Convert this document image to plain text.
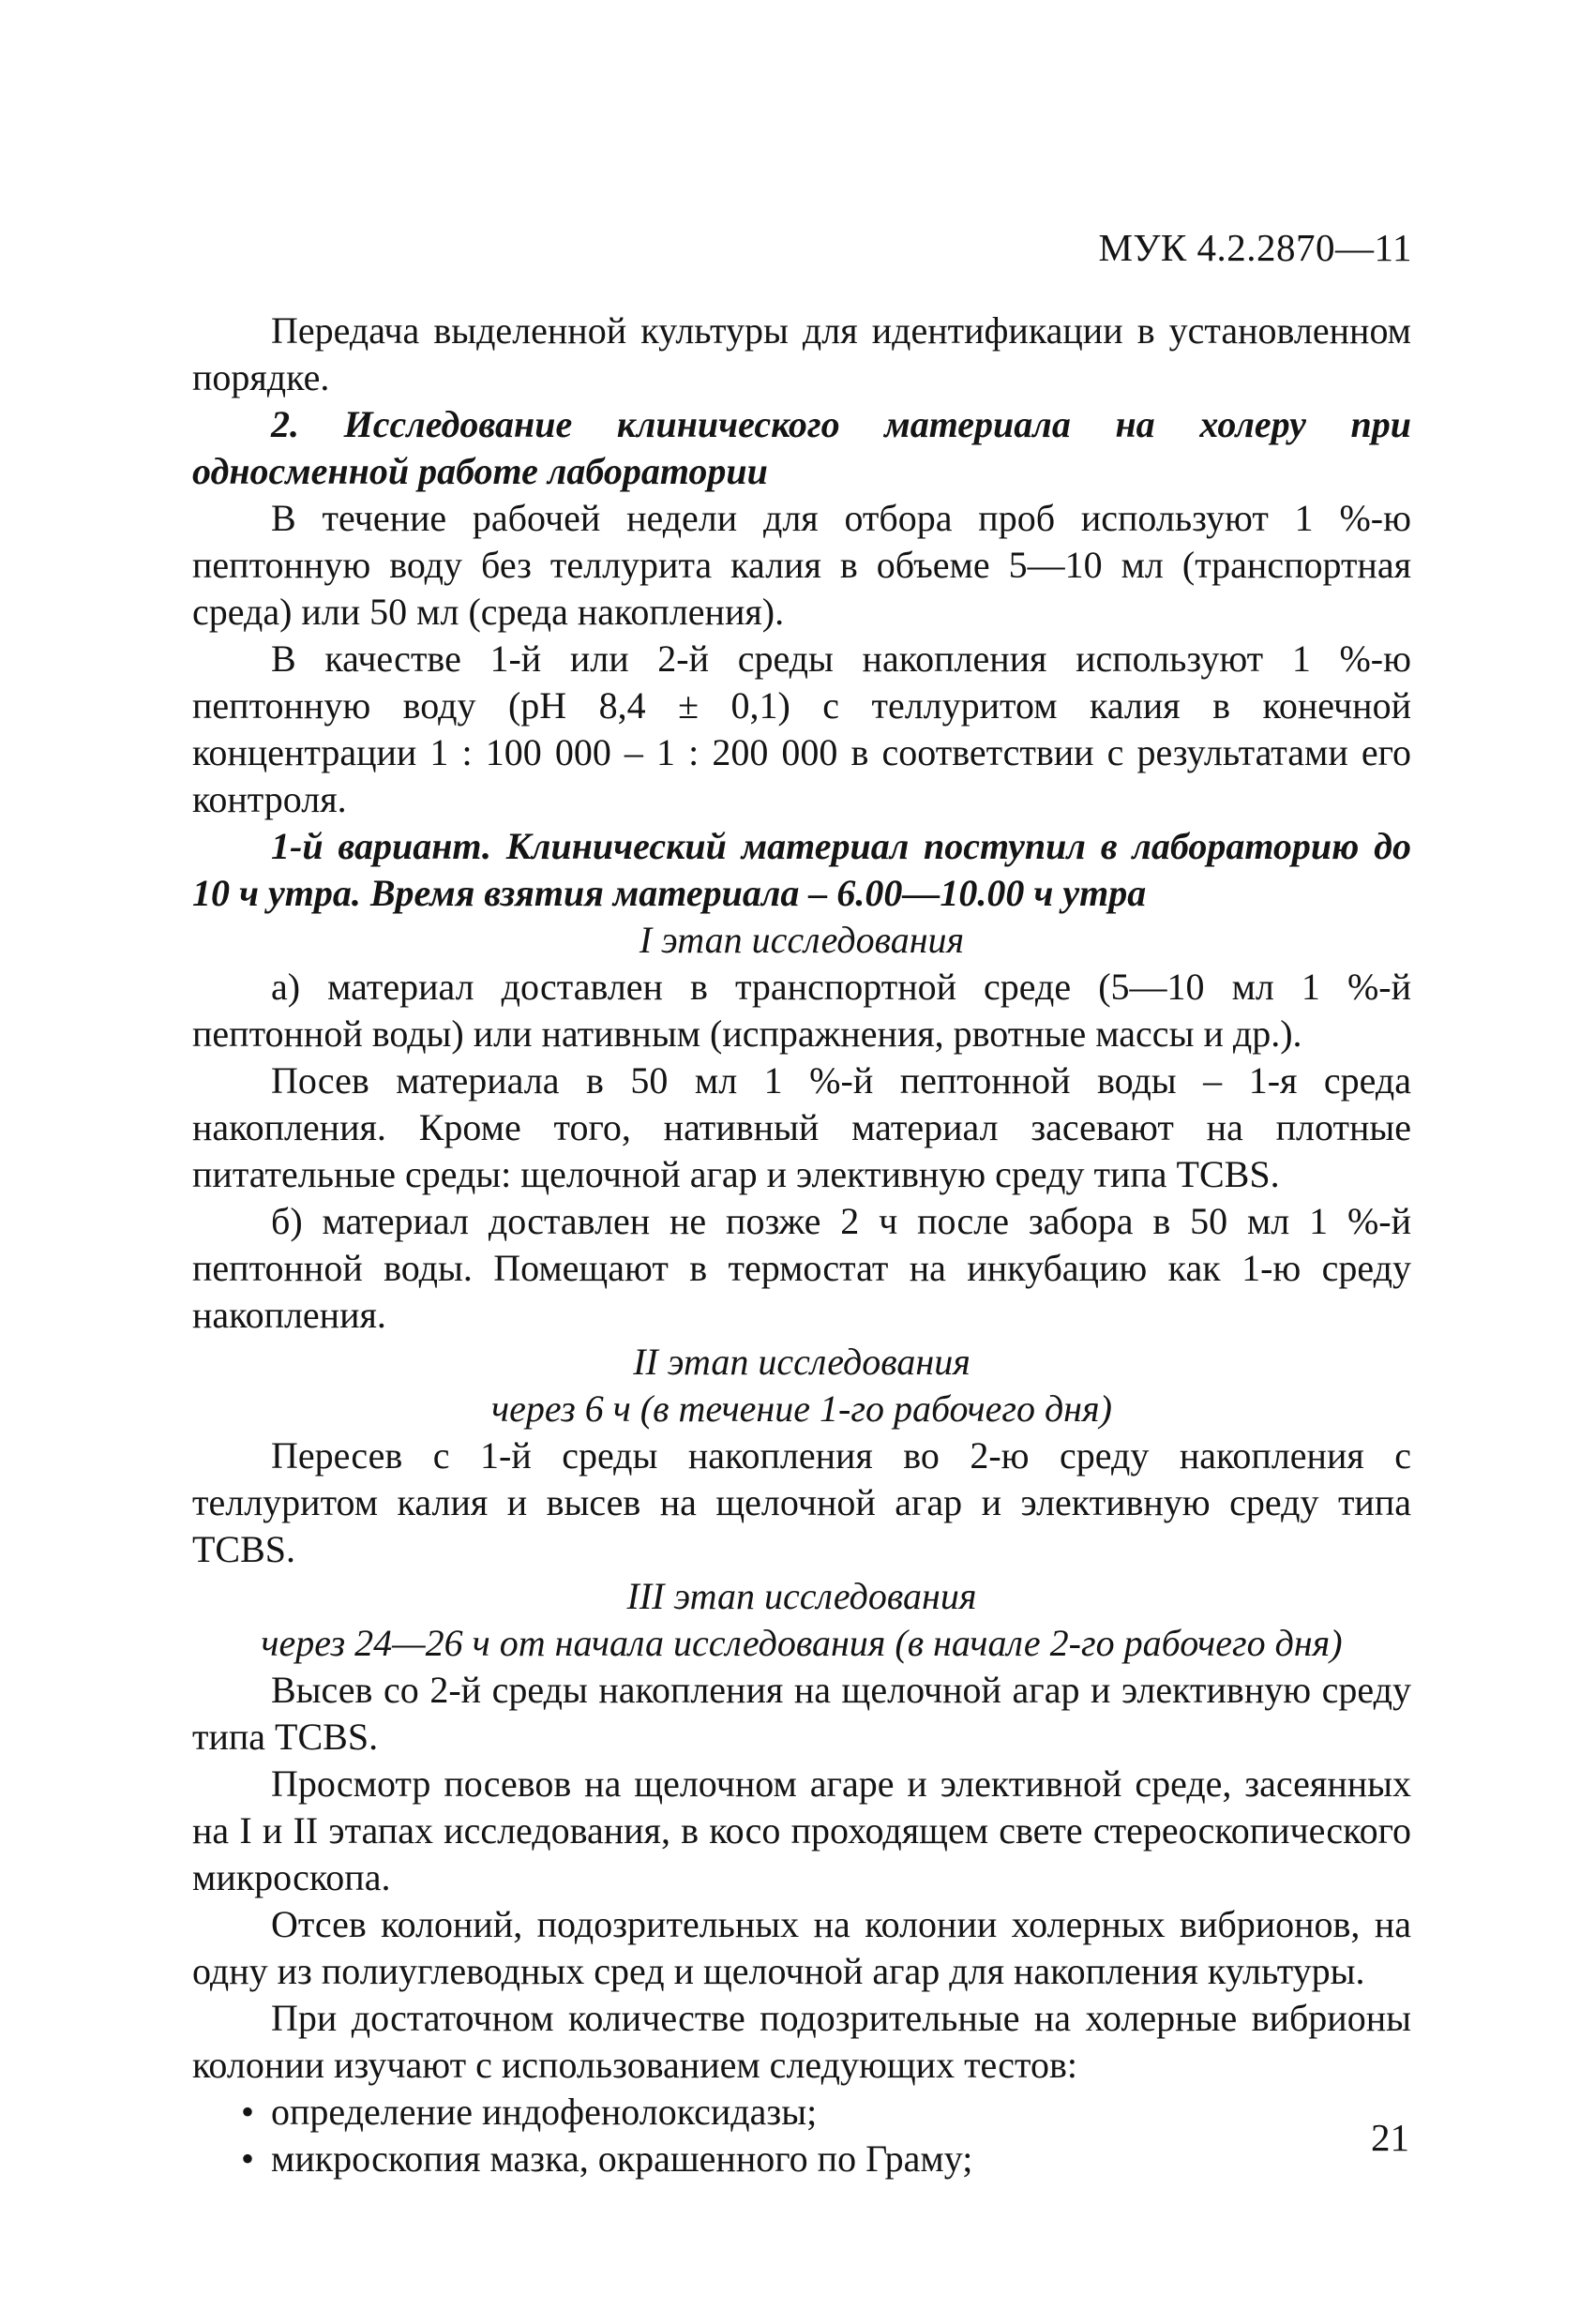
МУК 4.2.2870—11

Передача выделенной культуры для идентификации в установленном порядке.

2. Исследование клинического материала на холеру при односменной работе лаборатории

В течение рабочей недели для отбора проб используют 1 %-ю пептонную воду без теллурита калия в объеме 5—10 мл (транспортная среда) или 50 мл (среда накопления).

В качестве 1-й или 2-й среды накопления используют 1 %-ю пептонную воду (рН 8,4 ± 0,1) с теллуритом калия в конечной концентрации 1 : 100 000 – 1 : 200 000 в соответствии с результатами его контроля.

1-й вариант. Клинический материал поступил в лабораторию до 10 ч утра. Время взятия материала – 6.00—10.00 ч утра

I этап исследования

а) материал доставлен в транспортной среде (5—10 мл 1 %-й пептонной воды) или нативным (испражнения, рвотные массы и др.).

Посев материала в 50 мл 1 %-й пептонной воды – 1-я среда накопления. Кроме того, нативный материал засевают на плотные питательные среды: щелочной агар и элективную среду типа TCBS.

б) материал доставлен не позже 2 ч после забора в 50 мл 1 %-й пептонной воды. Помещают в термостат на инкубацию как 1-ю среду накопления.

II этап исследования

через 6 ч (в течение 1-го рабочего дня)

Пересев с 1-й среды накопления во 2-ю среду накопления с теллуритом калия и высев на щелочной агар и элективную среду типа TCBS.

III этап исследования

через 24—26 ч от начала исследования (в начале 2-го рабочего дня)

Высев со 2-й среды накопления на щелочной агар и элективную среду типа TCBS.

Просмотр посевов на щелочном агаре и элективной среде, засеянных на I и II этапах исследования, в косо проходящем свете стереоскопического микроскопа.

Отсев колоний, подозрительных на колонии холерных вибрионов, на одну из полиуглеводных сред и щелочной агар для накопления культуры.

При достаточном количестве подозрительные на холерные вибрионы колонии изучают с использованием следующих тестов:

• определение индофенолоксидазы;
• микроскопия мазка, окрашенного по Граму;	21
